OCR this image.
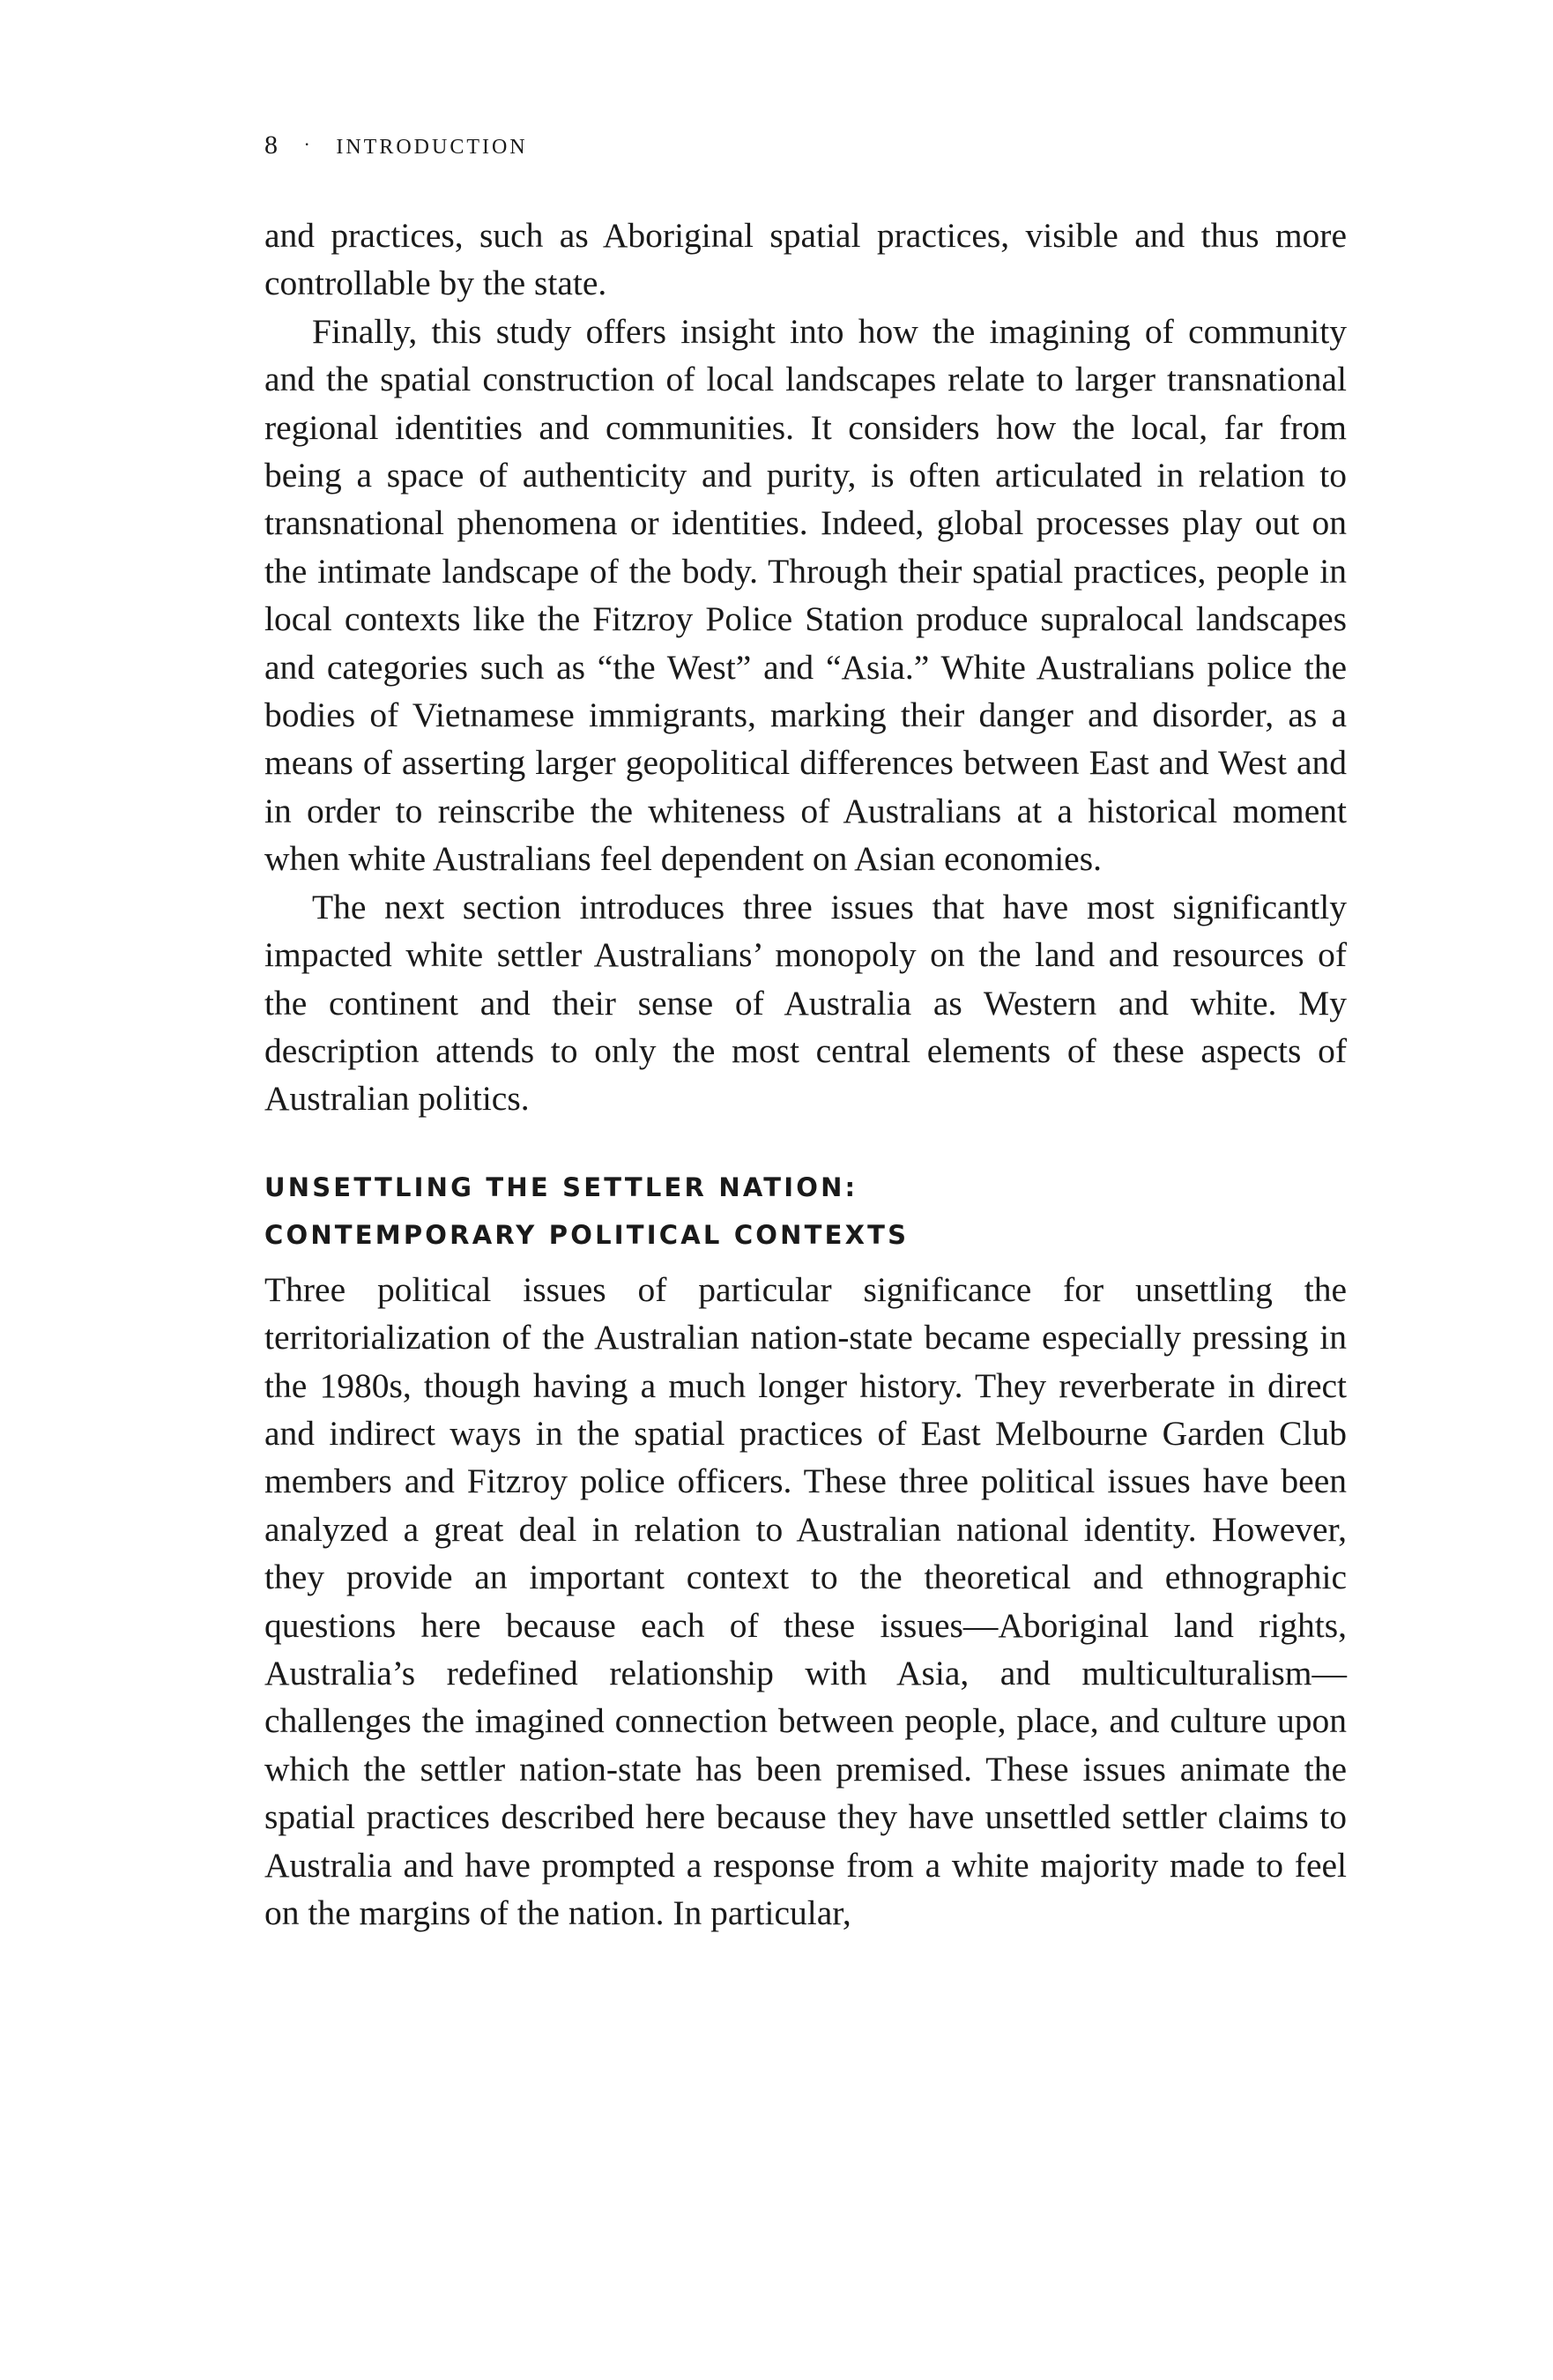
8 · INTRODUCTION

and practices, such as Aboriginal spatial practices, visible and thus more controllable by the state.

Finally, this study offers insight into how the imagining of community and the spatial construction of local landscapes relate to larger transnational regional identities and communities. It considers how the local, far from being a space of authenticity and purity, is often articulated in relation to transnational phenomena or identities. Indeed, global processes play out on the intimate landscape of the body. Through their spatial practices, people in local contexts like the Fitzroy Police Station produce supralocal landscapes and categories such as “the West” and “Asia.” White Australians police the bodies of Vietnamese immigrants, marking their danger and disorder, as a means of asserting larger geopolitical differences between East and West and in order to reinscribe the whiteness of Australians at a historical moment when white Australians feel dependent on Asian economies.

The next section introduces three issues that have most significantly impacted white settler Australians’ monopoly on the land and resources of the continent and their sense of Australia as Western and white. My description attends to only the most central elements of these aspects of Australian politics.

UNSETTLING THE SETTLER NATION:
CONTEMPORARY POLITICAL CONTEXTS

Three political issues of particular significance for unsettling the territorialization of the Australian nation-state became especially pressing in the 1980s, though having a much longer history. They reverberate in direct and indirect ways in the spatial practices of East Melbourne Garden Club members and Fitzroy police officers. These three political issues have been analyzed a great deal in relation to Australian national identity. However, they provide an important context to the theoretical and ethnographic questions here because each of these issues—Aboriginal land rights, Australia’s redefined relationship with Asia, and multiculturalism—challenges the imagined connection between people, place, and culture upon which the settler nation-state has been premised. These issues animate the spatial practices described here because they have unsettled settler claims to Australia and have prompted a response from a white majority made to feel on the margins of the nation. In particular,
